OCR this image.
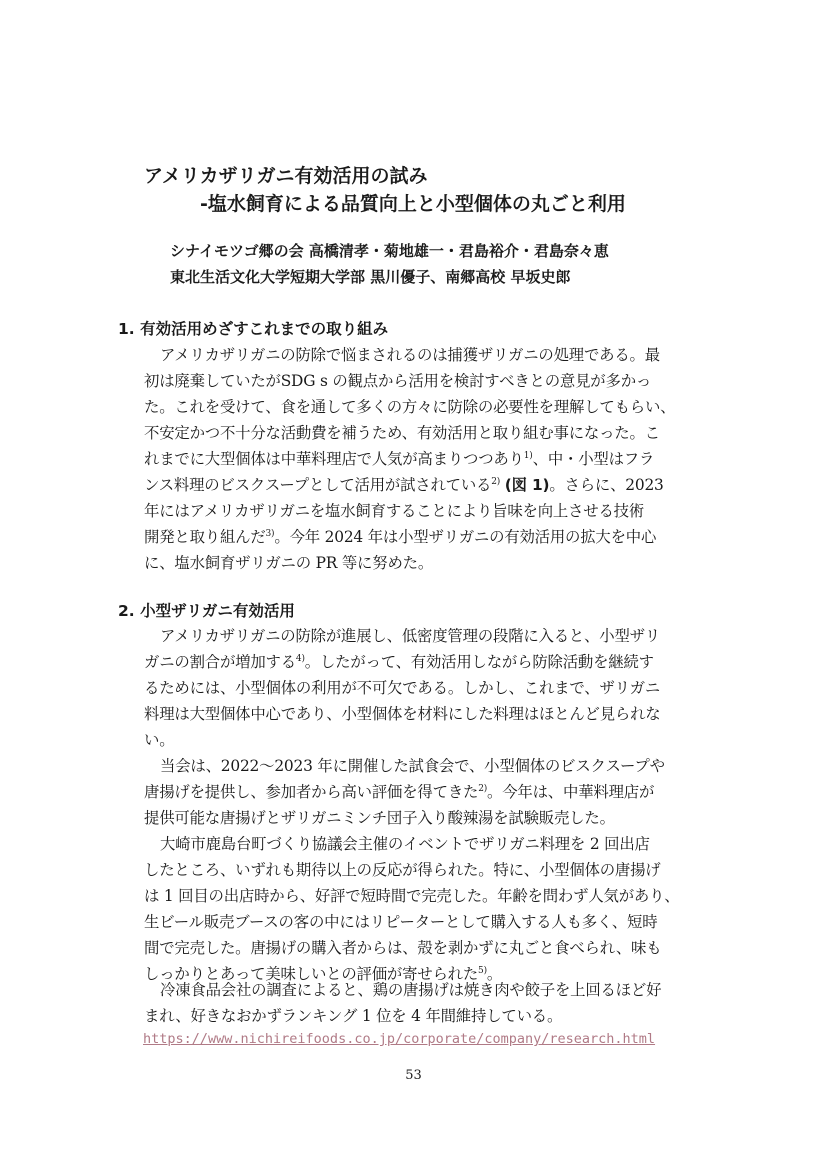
アメリカザリガニ有効活用の試み
-塩水飼育による品質向上と小型個体の丸ごと利用
シナイモツゴ郷の会 高橋清孝・菊地雄一・君島裕介・君島奈々恵
東北生活文化大学短期大学部 黒川優子、南郷高校 早坂史郎
1. 有効活用めざすこれまでの取り組み
アメリカザリガニの防除で悩まされるのは捕獲ザリガニの処理である。最
初は廃棄していたがSDG s の観点から活用を検討すべきとの意見が多かっ
た。これを受けて、食を通して多くの方々に防除の必要性を理解してもらい、
不安定かつ不十分な活動費を補うため、有効活用と取り組む事になった。こ
れまでに大型個体は中華料理店で人気が高まりつつあり$^{1)}$、中・小型はフラ
ンス料理のビスクスープとして活用が試されている$^{2)}$ (図 1)。さらに、2023
年にはアメリカザリガニを塩水飼育することにより旨味を向上させる技術
開発と取り組んだ$^{3)}$。今年 2024 年は小型ザリガニの有効活用の拡大を中心
に、塩水飼育ザリガニの PR 等に努めた。
2. 小型ザリガニ有効活用
アメリカザリガニの防除が進展し、低密度管理の段階に入ると、小型ザリ
ガニの割合が増加する$^{4)}$。したがって、有効活用しながら防除活動を継続す
るためには、小型個体の利用が不可欠である。しかし、これまで、ザリガニ
料理は大型個体中心であり、小型個体を材料にした料理はほとんど見られな
い。
当会は、2022～2023 年に開催した試食会で、小型個体のビスクスープや
唐揚げを提供し、参加者から高い評価を得てきた$^{2)}$。今年は、中華料理店が
提供可能な唐揚げとザリガニミンチ団子入り酸辣湯を試験販売した。
大崎市鹿島台町づくり協議会主催のイベントでザリガニ料理を 2 回出店
したところ、いずれも期待以上の反応が得られた。特に、小型個体の唐揚げ
は 1 回目の出店時から、好評で短時間で完売した。年齢を問わず人気があり、
生ビール販売ブースの客の中にはリピーターとして購入する人も多く、短時
間で完売した。唐揚げの購入者からは、殻を剥かずに丸ごと食べられ、味も
しっかりとあって美味しいとの評価が寄せられた$^{5)}$。
冷凍食品会社の調査によると、鶏の唐揚げは焼き肉や餃子を上回るほど好
まれ、好きなおかずランキング 1 位を 4 年間維持している。
https://www.nichireifoods.co.jp/corporate/company/research.html
53
